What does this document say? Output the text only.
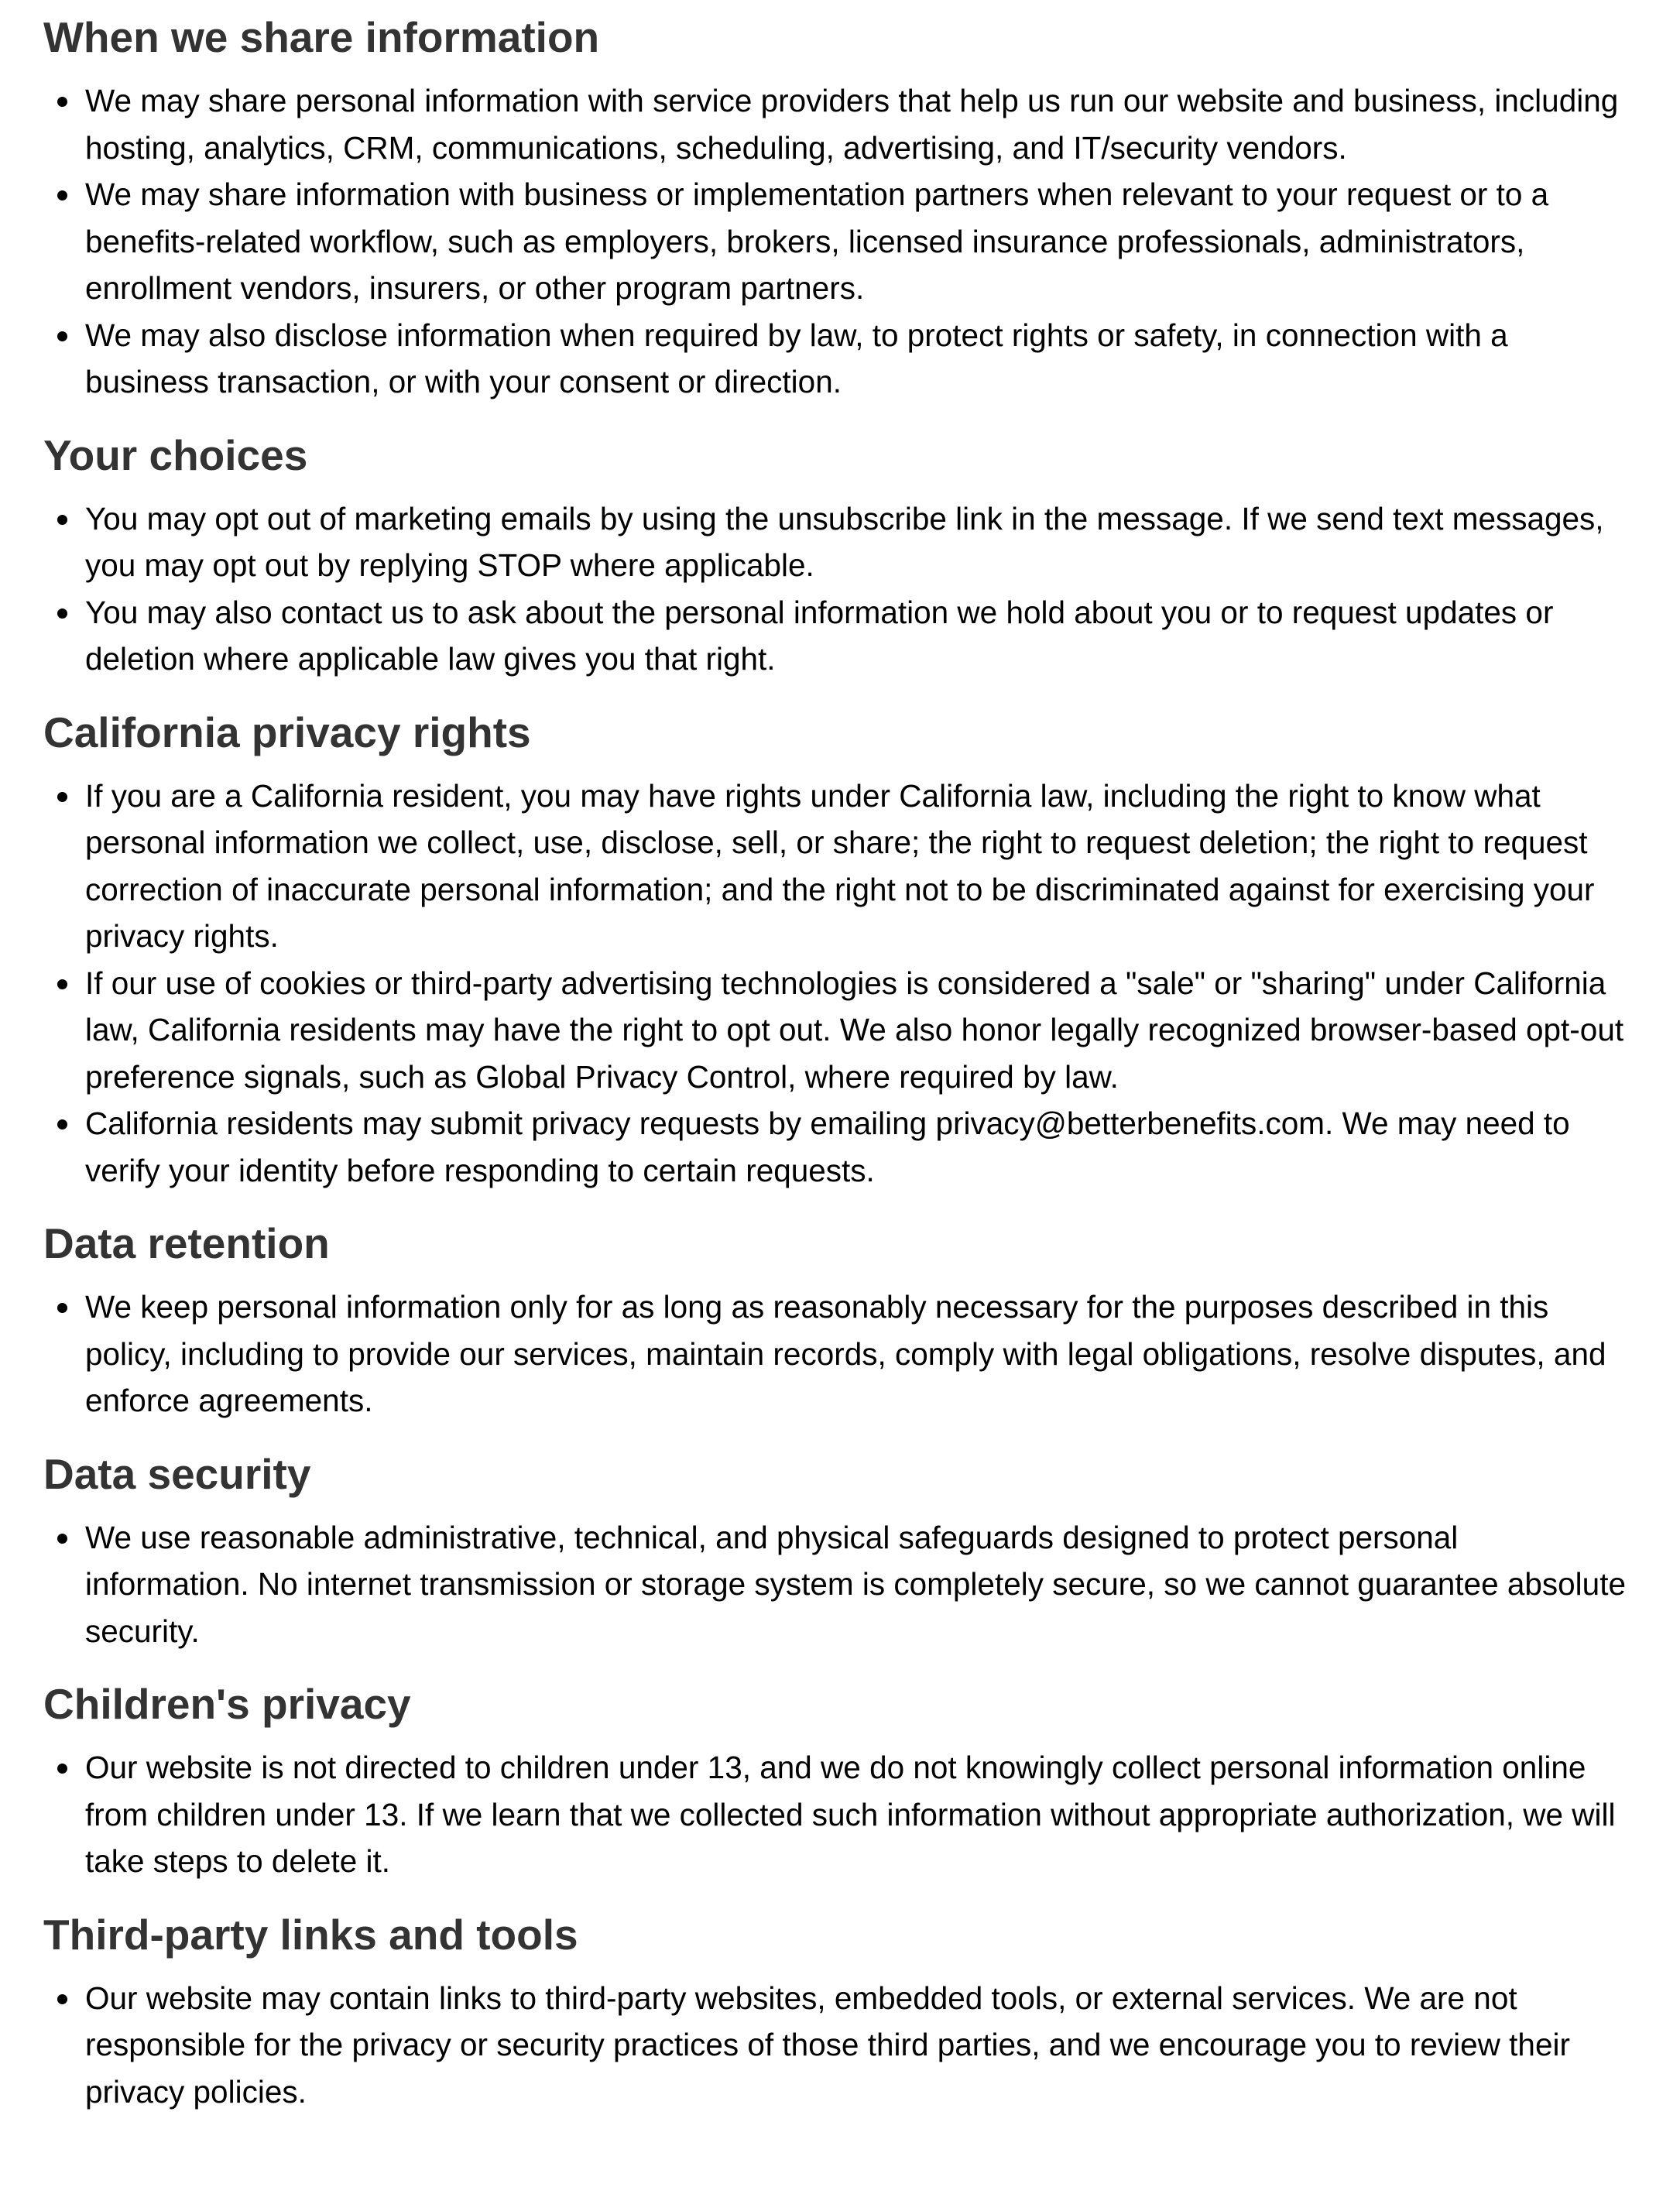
When we share information
We may share personal information with service providers that help us run our website and business, including hosting, analytics, CRM, communications, scheduling, advertising, and IT/security vendors.
We may share information with business or implementation partners when relevant to your request or to a benefits-related workflow, such as employers, brokers, licensed insurance professionals, administrators, enrollment vendors, insurers, or other program partners.
We may also disclose information when required by law, to protect rights or safety, in connection with a business transaction, or with your consent or direction.
Your choices
You may opt out of marketing emails by using the unsubscribe link in the message. If we send text messages, you may opt out by replying STOP where applicable.
You may also contact us to ask about the personal information we hold about you or to request updates or deletion where applicable law gives you that right.
California privacy rights
If you are a California resident, you may have rights under California law, including the right to know what personal information we collect, use, disclose, sell, or share; the right to request deletion; the right to request correction of inaccurate personal information; and the right not to be discriminated against for exercising your privacy rights.
If our use of cookies or third-party advertising technologies is considered a "sale" or "sharing" under California law, California residents may have the right to opt out. We also honor legally recognized browser-based opt-out preference signals, such as Global Privacy Control, where required by law.
California residents may submit privacy requests by emailing privacy@betterbenefits.com. We may need to verify your identity before responding to certain requests.
Data retention
We keep personal information only for as long as reasonably necessary for the purposes described in this policy, including to provide our services, maintain records, comply with legal obligations, resolve disputes, and enforce agreements.
Data security
We use reasonable administrative, technical, and physical safeguards designed to protect personal information. No internet transmission or storage system is completely secure, so we cannot guarantee absolute security.
Children's privacy
Our website is not directed to children under 13, and we do not knowingly collect personal information online from children under 13. If we learn that we collected such information without appropriate authorization, we will take steps to delete it.
Third-party links and tools
Our website may contain links to third-party websites, embedded tools, or external services. We are not responsible for the privacy or security practices of those third parties, and we encourage you to review their privacy policies.
